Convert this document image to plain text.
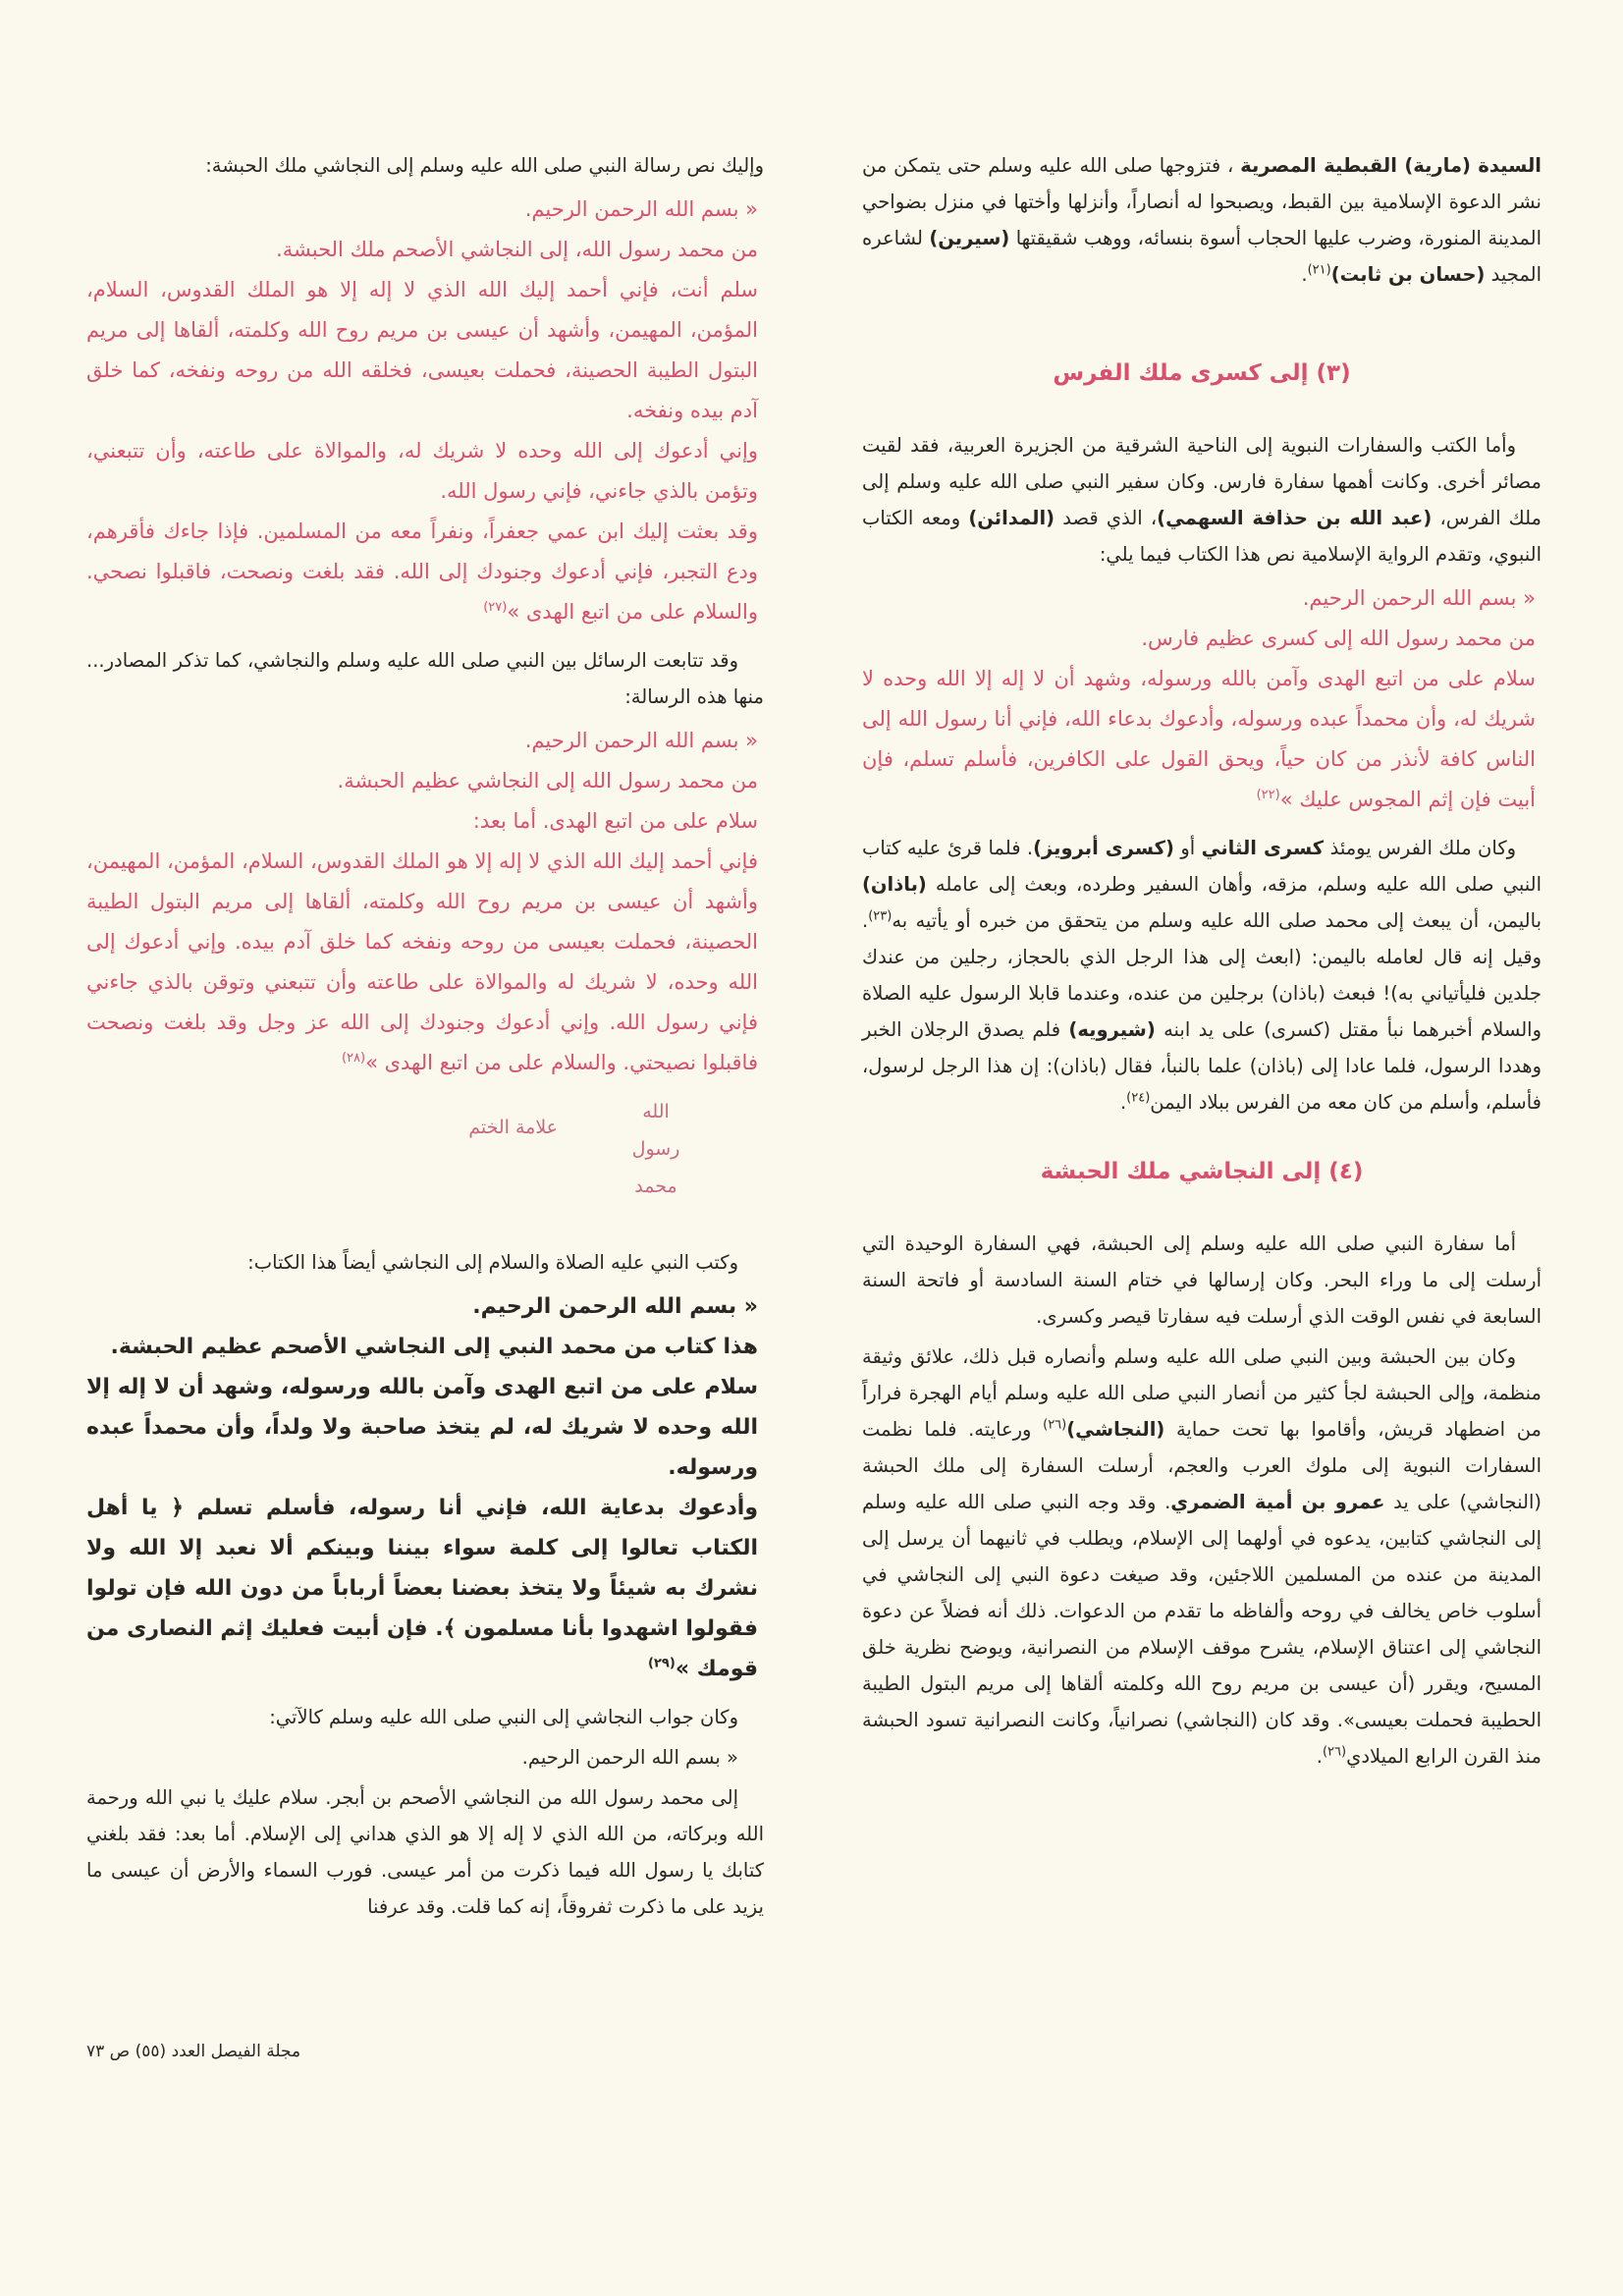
السيدة (مارية) القبطية المصرية ، فتزوجها صلى الله عليه وسلم حتى يتمكن من نشر الدعوة الإسلامية بين القبط، ويصبحوا له أنصاراً، وأنزلها وأختها في منزل بضواحي المدينة المنورة، وضرب عليها الحجاب أسوة بنسائه، ووهب شقيقتها (سيرين) لشاعره المجيد (حسان بن ثابت)$^{(٢١)}$.

(٣) إلى كسرى ملك الفرس

وأما الكتب والسفارات النبوية إلى الناحية الشرقية من الجزيرة العربية، فقد لقيت مصائر أخرى. وكانت أهمها سفارة فارس. وكان سفير النبي صلى الله عليه وسلم إلى ملك الفرس، (عبد الله بن حذافة السهمي)، الذي قصد (المدائن) ومعه الكتاب النبوي، وتقدم الرواية الإسلامية نص هذا الكتاب فيما يلي:

« بسم الله الرحمن الرحيم.

من محمد رسول الله إلى كسرى عظيم فارس.

سلام على من اتبع الهدى وآمن بالله ورسوله، وشهد أن لا إله إلا الله وحده لا شريك له، وأن محمداً عبده ورسوله، وأدعوك بدعاء الله، فإني أنا رسول الله إلى الناس كافة لأنذر من كان حياً، ويحق القول على الكافرين، فأسلم تسلم، فإن أبيت فإن إثم المجوس عليك »$^{(٢٢)}$

وكان ملك الفرس يومئذ كسرى الثاني أو (كسرى أبرويز). فلما قرئ عليه كتاب النبي صلى الله عليه وسلم، مزقه، وأهان السفير وطرده، وبعث إلى عامله (باذان) باليمن، أن يبعث إلى محمد صلى الله عليه وسلم من يتحقق من خبره أو يأتيه به$^{(٢٣)}$. وقيل إنه قال لعامله باليمن: (ابعث إلى هذا الرجل الذي بالحجاز، رجلين من عندك جلدين فليأتياني به)! فبعث (باذان) برجلين من عنده، وعندما قابلا الرسول عليه الصلاة والسلام أخبرهما نبأ مقتل (كسرى) على يد ابنه (شيرويه) فلم يصدق الرجلان الخبر وهددا الرسول، فلما عادا إلى (باذان) علما بالنبأ، فقال (باذان): إن هذا الرجل لرسول، فأسلم، وأسلم من كان معه من الفرس ببلاد اليمن$^{(٢٤)}$.

(٤) إلى النجاشي ملك الحبشة

أما سفارة النبي صلى الله عليه وسلم إلى الحبشة، فهي السفارة الوحيدة التي أرسلت إلى ما وراء البحر. وكان إرسالها في ختام السنة السادسة أو فاتحة السنة السابعة في نفس الوقت الذي أرسلت فيه سفارتا قيصر وكسرى.

وكان بين الحبشة وبين النبي صلى الله عليه وسلم وأنصاره قبل ذلك، علائق وثيقة منظمة، وإلى الحبشة لجأ كثير من أنصار النبي صلى الله عليه وسلم أيام الهجرة فراراً من اضطهاد قريش، وأقاموا بها تحت حماية (النجاشي)$^{(٢٦)}$ ورعايته. فلما نظمت السفارات النبوية إلى ملوك العرب والعجم، أرسلت السفارة إلى ملك الحبشة (النجاشي) على يد عمرو بن أمية الضمري. وقد وجه النبي صلى الله عليه وسلم إلى النجاشي كتابين، يدعوه في أولهما إلى الإسلام، ويطلب في ثانيهما أن يرسل إلى المدينة من عنده من المسلمين اللاجئين، وقد صيغت دعوة النبي إلى النجاشي في أسلوب خاص يخالف في روحه وألفاظه ما تقدم من الدعوات. ذلك أنه فضلاً عن دعوة النجاشي إلى اعتناق الإسلام، يشرح موقف الإسلام من النصرانية، ويوضح نظرية خلق المسيح، ويقرر (أن عيسى بن مريم روح الله وكلمته ألقاها إلى مريم البتول الطيبة الحطيبة فحملت بعيسى». وقد كان (النجاشي) نصرانياً، وكانت النصرانية تسود الحبشة منذ القرن الرابع الميلادي$^{(٢٦)}$.

وإليك نص رسالة النبي صلى الله عليه وسلم إلى النجاشي ملك الحبشة:

« بسم الله الرحمن الرحيم.

من محمد رسول الله، إلى النجاشي الأصحم ملك الحبشة.

سلم أنت، فإني أحمد إليك الله الذي لا إله إلا هو الملك القدوس، السلام، المؤمن، المهيمن، وأشهد أن عيسى بن مريم روح الله وكلمته، ألقاها إلى مريم البتول الطيبة الحصينة، فحملت بعيسى، فخلقه الله من روحه ونفخه، كما خلق آدم بيده ونفخه.

وإني أدعوك إلى الله وحده لا شريك له، والموالاة على طاعته، وأن تتبعني، وتؤمن بالذي جاءني، فإني رسول الله.

وقد بعثت إليك ابن عمي جعفراً، ونفراً معه من المسلمين. فإذا جاءك فأقرهم، ودع التجبر، فإني أدعوك وجنودك إلى الله. فقد بلغت ونصحت، فاقبلوا نصحي. والسلام على من اتبع الهدى »$^{(٢٧)}$

وقد تتابعت الرسائل بين النبي صلى الله عليه وسلم والنجاشي، كما تذكر المصادر... منها هذه الرسالة:

« بسم الله الرحمن الرحيم.

من محمد رسول الله إلى النجاشي عظيم الحبشة.

سلام على من اتبع الهدى. أما بعد:

فإني أحمد إليك الله الذي لا إله إلا هو الملك القدوس، السلام، المؤمن، المهيمن، وأشهد أن عيسى بن مريم روح الله وكلمته، ألقاها إلى مريم البتول الطيبة الحصينة، فحملت بعيسى من روحه ونفخه كما خلق آدم بيده. وإني أدعوك إلى الله وحده، لا شريك له والموالاة على طاعته وأن تتبعني وتوقن بالذي جاءني فإني رسول الله. وإني أدعوك وجنودك إلى الله عز وجل وقد بلغت ونصحت فاقبلوا نصيحتي. والسلام على من اتبع الهدى »$^{(٢٨)}$

الله
رسول
محمد
علامة الختم

وكتب النبي عليه الصلاة والسلام إلى النجاشي أيضاً هذا الكتاب:

« بسم الله الرحمن الرحيم.

هذا كتاب من محمد النبي إلى النجاشي الأصحم عظيم الحبشة.

سلام على من اتبع الهدى وآمن بالله ورسوله، وشهد أن لا إله إلا الله وحده لا شريك له، لم يتخذ صاحبة ولا ولداً، وأن محمداً عبده ورسوله.

وأدعوك بدعاية الله، فإني أنا رسوله، فأسلم تسلم ﴿ يا أهل الكتاب تعالوا إلى كلمة سواء بيننا وبينكم ألا نعبد إلا الله ولا نشرك به شيئاً ولا يتخذ بعضنا بعضاً أرباباً من دون الله فإن تولوا فقولوا اشهدوا بأنا مسلمون ﴾. فإن أبيت فعليك إثم النصارى من قومك »$^{(٢٩)}$

وكان جواب النجاشي إلى النبي صلى الله عليه وسلم كالآتي:

« بسم الله الرحمن الرحيم.

إلى محمد رسول الله من النجاشي الأصحم بن أبجر. سلام عليك يا نبي الله ورحمة الله وبركاته، من الله الذي لا إله إلا هو الذي هداني إلى الإسلام. أما بعد: فقد بلغني كتابك يا رسول الله فيما ذكرت من أمر عيسى. فورب السماء والأرض أن عيسى ما يزيد على ما ذكرت ثفروقاً، إنه كما قلت. وقد عرفنا

مجلة الفيصل العدد (٥٥) ص ٧٣
